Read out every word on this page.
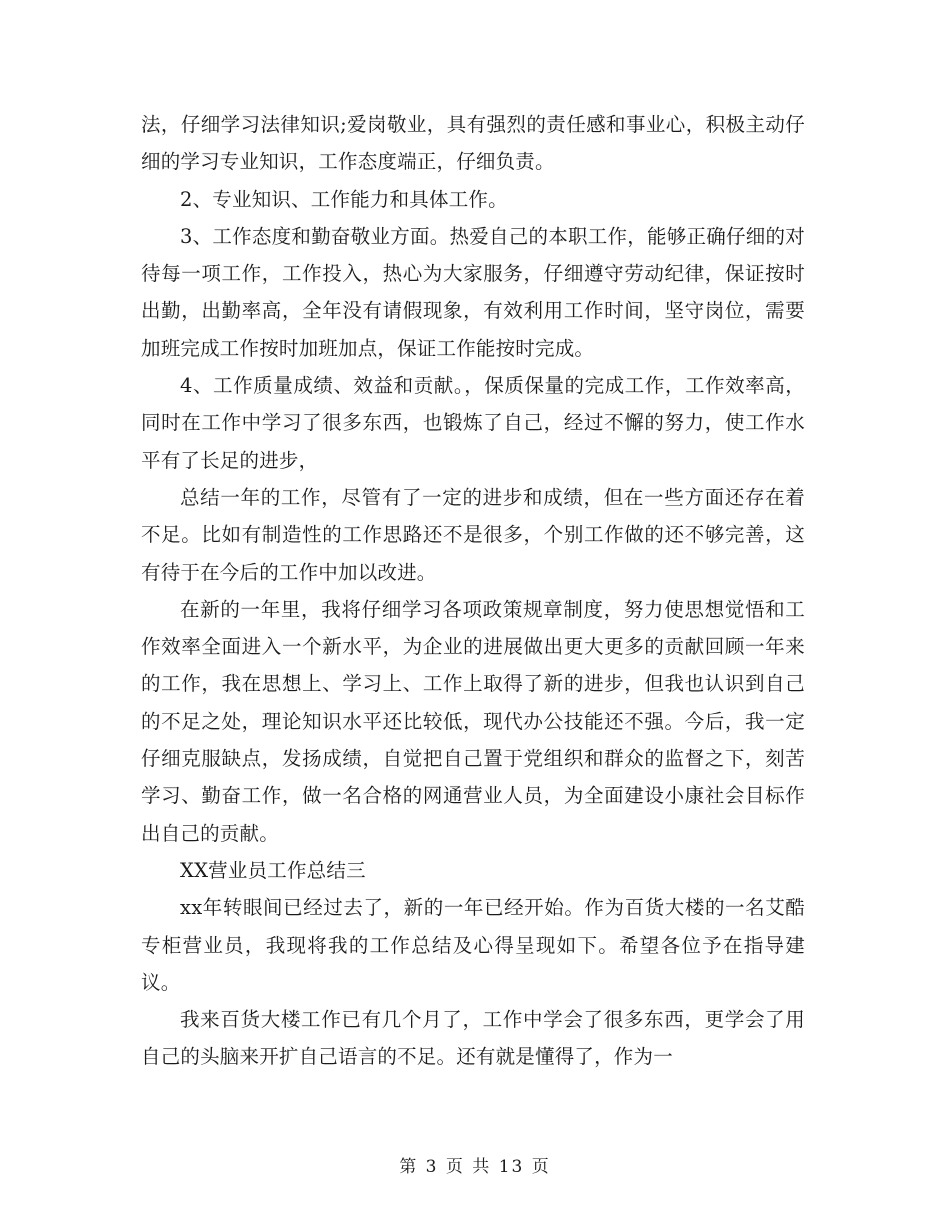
法，仔细学习法律知识;爱岗敬业，具有强烈的责任感和事业心，积极主动仔细的学习专业知识，工作态度端正，仔细负责。

2、专业知识、工作能力和具体工作。

3、工作态度和勤奋敬业方面。热爱自己的本职工作，能够正确仔细的对待每一项工作，工作投入，热心为大家服务，仔细遵守劳动纪律，保证按时出勤，出勤率高，全年没有请假现象，有效利用工作时间，坚守岗位，需要加班完成工作按时加班加点，保证工作能按时完成。

4、工作质量成绩、效益和贡献。，保质保量的完成工作，工作效率高，同时在工作中学习了很多东西，也锻炼了自己，经过不懈的努力，使工作水平有了长足的进步，

总结一年的工作，尽管有了一定的进步和成绩，但在一些方面还存在着不足。比如有制造性的工作思路还不是很多，个别工作做的还不够完善，这有待于在今后的工作中加以改进。

在新的一年里，我将仔细学习各项政策规章制度，努力使思想觉悟和工作效率全面进入一个新水平，为企业的进展做出更大更多的贡献回顾一年来的工作，我在思想上、学习上、工作上取得了新的进步，但我也认识到自己的不足之处，理论知识水平还比较低，现代办公技能还不强。今后，我一定仔细克服缺点，发扬成绩，自觉把自己置于党组织和群众的监督之下，刻苦学习、勤奋工作，做一名合格的网通营业人员，为全面建设小康社会目标作出自己的贡献。

XX营业员工作总结三

xx年转眼间已经过去了，新的一年已经开始。作为百货大楼的一名艾酷专柜营业员，我现将我的工作总结及心得呈现如下。希望各位予在指导建议。

我来百货大楼工作已有几个月了，工作中学会了很多东西，更学会了用自己的头脑来开扩自己语言的不足。还有就是懂得了，作为一

第 3 页 共 13 页
